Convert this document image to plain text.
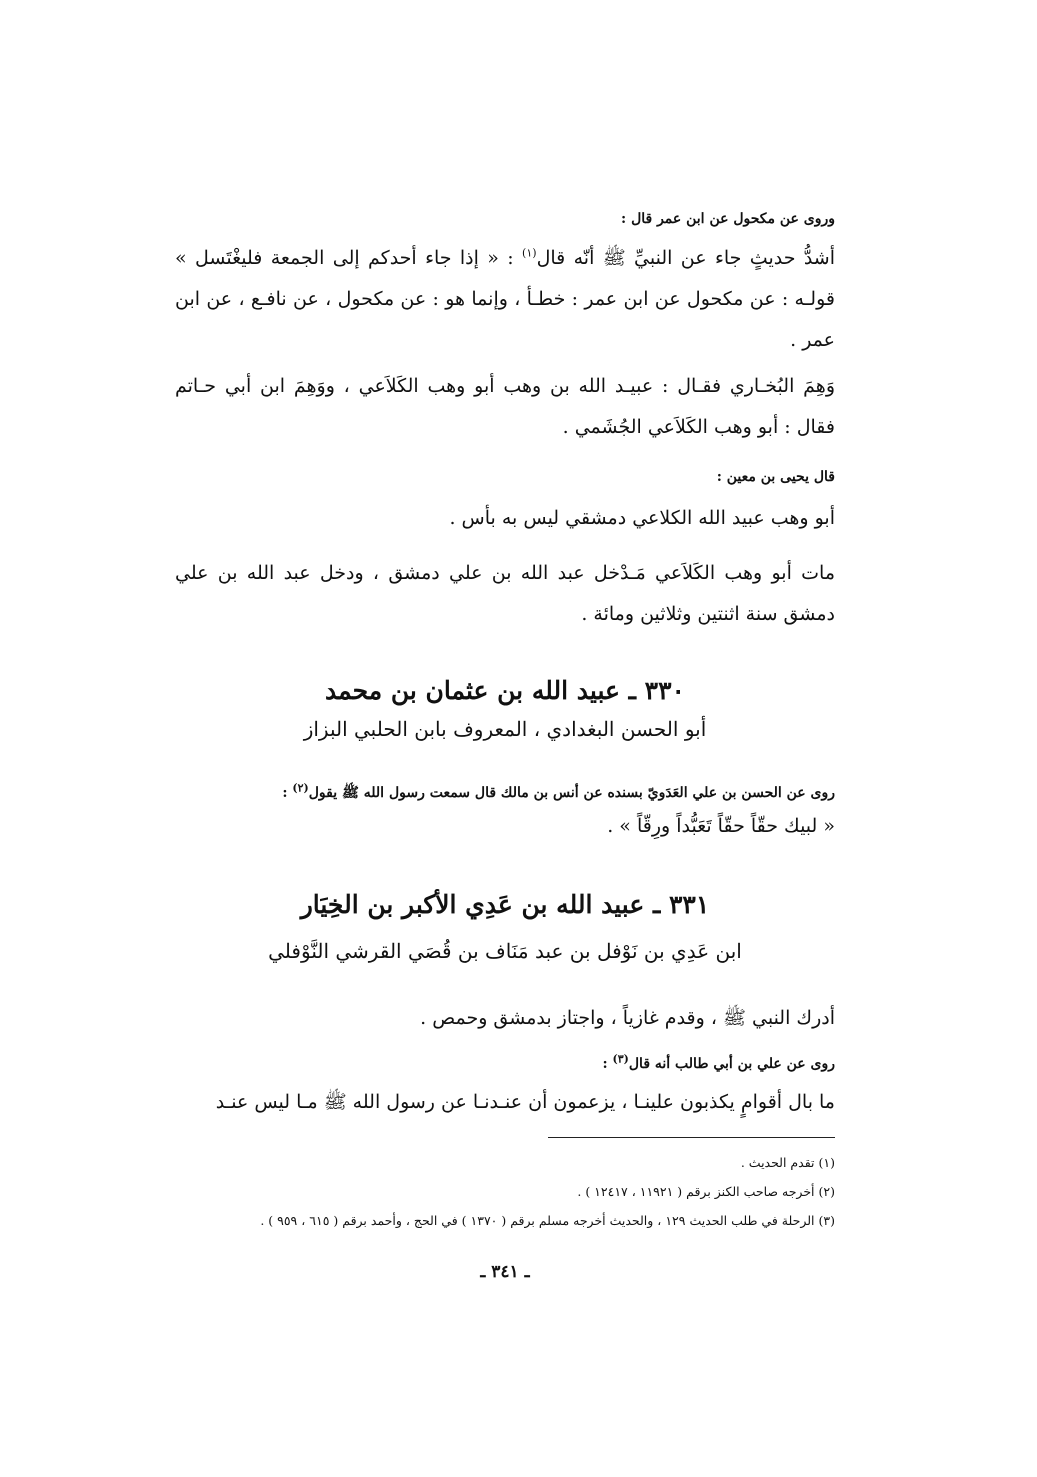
وروى عن مكحول عن ابن عمر قال :
أشدُّ حديثٍ جاء عن النبيِّ ﷺ أنّه قال$^{(١)}$ : « إذا جاء أحدكم إلى الجمعة فليغْتَسل » قولـه : عن مكحول عن ابن عمر : خطـأ ، وإنما هو : عن مكحول ، عن نافـع ، عن ابن عمر .
وَهِمَ البُخـاري فقـال : عبيـد الله بن وهب أبو وهب الكَلاَعي ، ووَهِمَ ابن أبي حـاتم فقال : أبو وهب الكَلاَعي الجُشَمي .
قال يحيى بن معين :
أبو وهب عبيد الله الكلاعي دمشقي ليس به بأس .
مات أبو وهب الكَلاَعي مَـدْخل عبد الله بن علي دمشق ، ودخل عبد الله بن علي دمشق سنة اثنتين وثلاثين ومائة .
٣٣٠ ـ عبيد الله بن عثمان بن محمد
أبو الحسن البغدادي ، المعروف بابن الحلبي البزاز
روى عن الحسن بن علي العَدَويّ بسنده عن أنس بن مالك قال سمعت رسول الله ﷺ يقول$^{(٢)}$ :
« لبيك حقّاً حقّاً تَعَبُّداً ورِقّاً » .
٣٣١ ـ عبيد الله بن عَدِي الأكبر بن الخِيَار
ابن عَدِي بن نَوْفل بن عبد مَنَاف بن قُصَي القرشي النَّوْفلي
أدرك النبي ﷺ ، وقدم غازياً ، واجتاز بدمشق وحمص .
روى عن علي بن أبي طالب أنه قال$^{(٣)}$ :
ما بال أقوامٍ يكذبون علينـا ، يزعمون أن عنـدنـا عن رسول الله ﷺ مـا ليس عنـد
(١) تقدم الحديث .
(٢) أخرجه صاحب الكنز برقم ( ١١٩٢١ ، ١٢٤١٧ ) .
(٣) الرحلة في طلب الحديث ١٢٩ ، والحديث أخرجه مسلم برقم ( ١٣٧٠ ) في الحج ، وأحمد برقم ( ٦١٥ ، ٩٥٩ ) .
ـ ٣٤١ ـ
